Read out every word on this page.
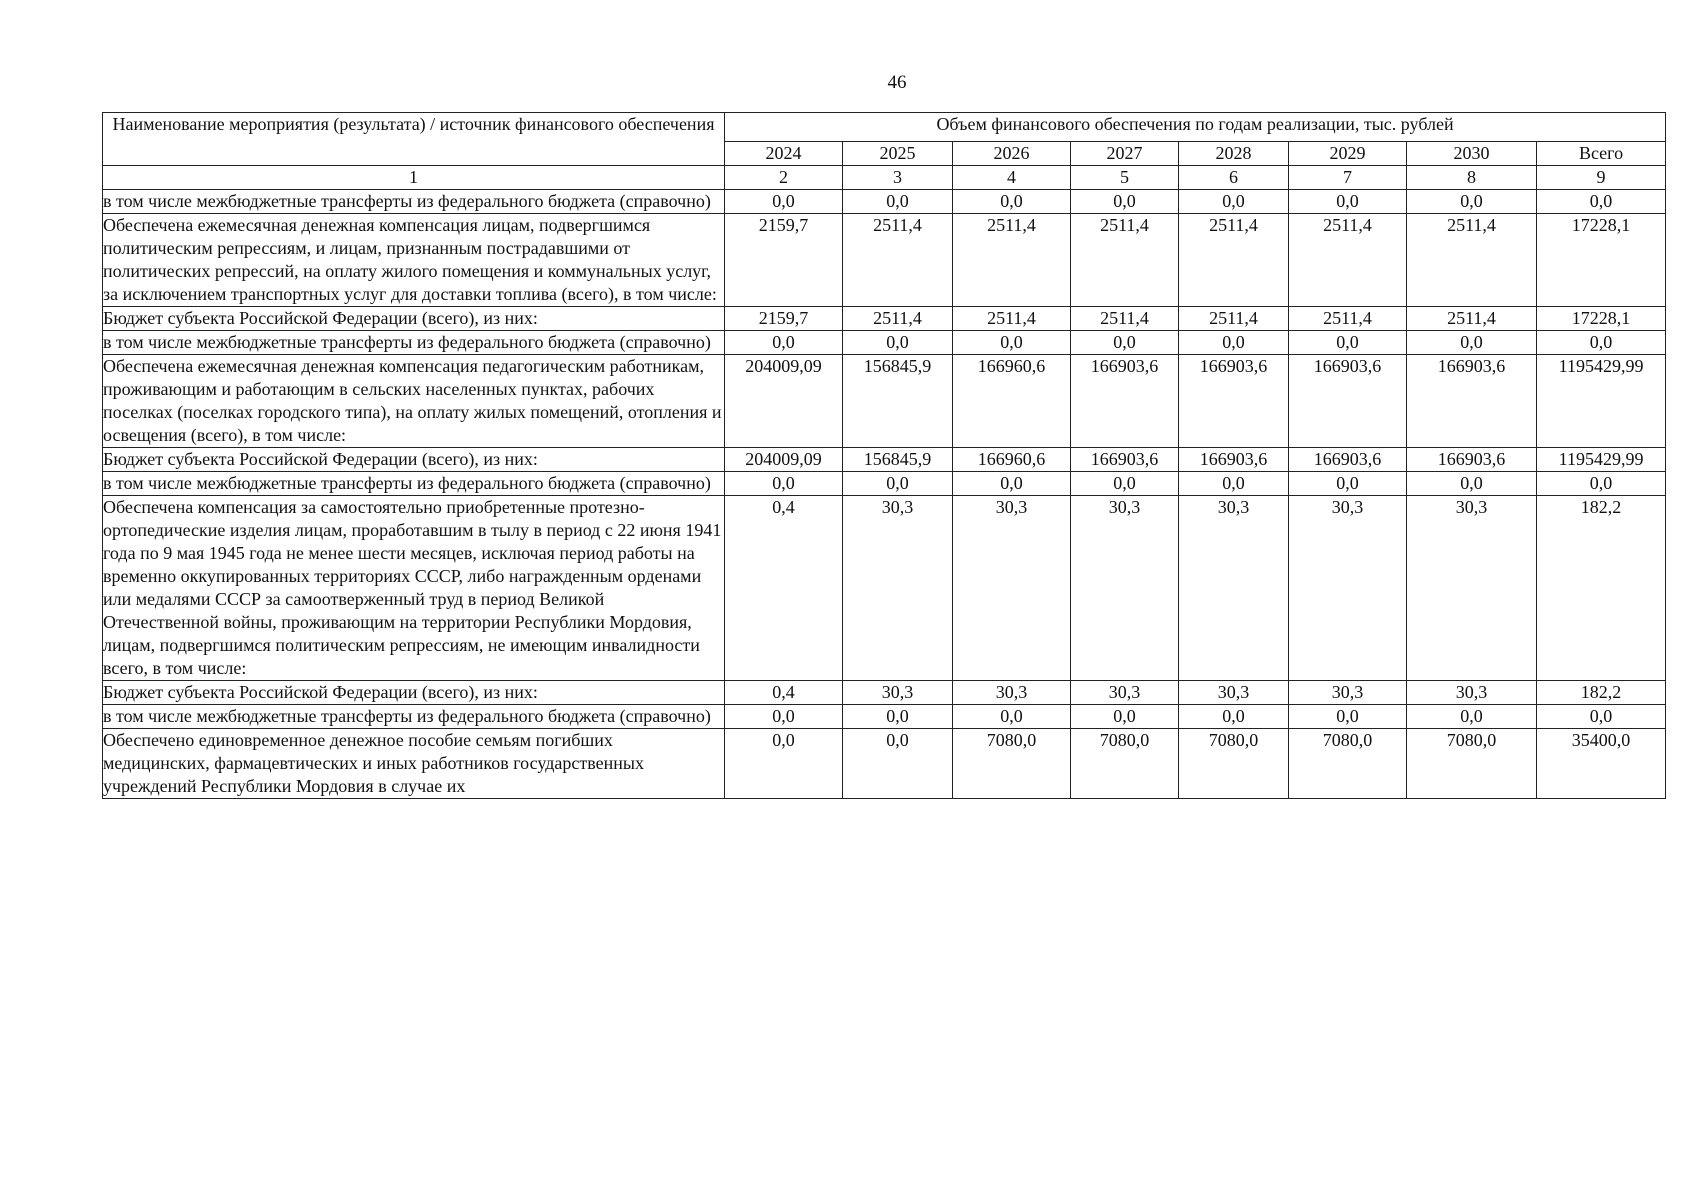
46
Наименование мероприятия (результата) / источник финансового обеспечения	Объем финансового обеспечения по годам реализации, тыс. рублей							
	2024	2025	2026	2027	2028	2029	2030	Всего
1	2	3	4	5	6	7	8	9
в том числе межбюджетные трансферты из федерального бюджета (справочно)	0,0	0,0	0,0	0,0	0,0	0,0	0,0	0,0
Обеспечена ежемесячная денежная компенсация лицам, подвергшимся политическим репрессиям, и лицам, признанным пострадавшими от политических репрессий, на оплату жилого помещения и коммунальных услуг, за исключением транспортных услуг для доставки топлива (всего), в том числе:	2159,7	2511,4	2511,4	2511,4	2511,4	2511,4	2511,4	17228,1
Бюджет субъекта Российской Федерации (всего), из них:	2159,7	2511,4	2511,4	2511,4	2511,4	2511,4	2511,4	17228,1
в том числе межбюджетные трансферты из федерального бюджета (справочно)	0,0	0,0	0,0	0,0	0,0	0,0	0,0	0,0
Обеспечена ежемесячная денежная компенсация педагогическим работникам, проживающим и работающим в сельских населенных пунктах, рабочих поселках (поселках городского типа), на оплату жилых помещений, отопления и освещения (всего), в том числе:	204009,09	156845,9	166960,6	166903,6	166903,6	166903,6	166903,6	1195429,99
Бюджет субъекта Российской Федерации (всего), из них:	204009,09	156845,9	166960,6	166903,6	166903,6	166903,6	166903,6	1195429,99
в том числе межбюджетные трансферты из федерального бюджета (справочно)	0,0	0,0	0,0	0,0	0,0	0,0	0,0	0,0
Обеспечена компенсация за самостоятельно приобретенные протезно-ортопедические изделия лицам, проработавшим в тылу в период с 22 июня 1941 года по 9 мая 1945 года не менее шести месяцев, исключая период работы на временно оккупированных территориях СССР, либо награжденным орденами или медалями СССР за самоотверженный труд в период Великой Отечественной войны, проживающим на территории Республики Мордовия, лицам, подвергшимся политическим репрессиям, не имеющим инвалидности всего, в том числе:	0,4	30,3	30,3	30,3	30,3	30,3	30,3	182,2
Бюджет субъекта Российской Федерации (всего), из них:	0,4	30,3	30,3	30,3	30,3	30,3	30,3	182,2
в том числе межбюджетные трансферты из федерального бюджета (справочно)	0,0	0,0	0,0	0,0	0,0	0,0	0,0	0,0
Обеспечено единовременное денежное пособие семьям погибших медицинских, фармацевтических и иных работников государственных учреждений Республики Мордовия в случае их	0,0	0,0	7080,0	7080,0	7080,0	7080,0	7080,0	35400,0
